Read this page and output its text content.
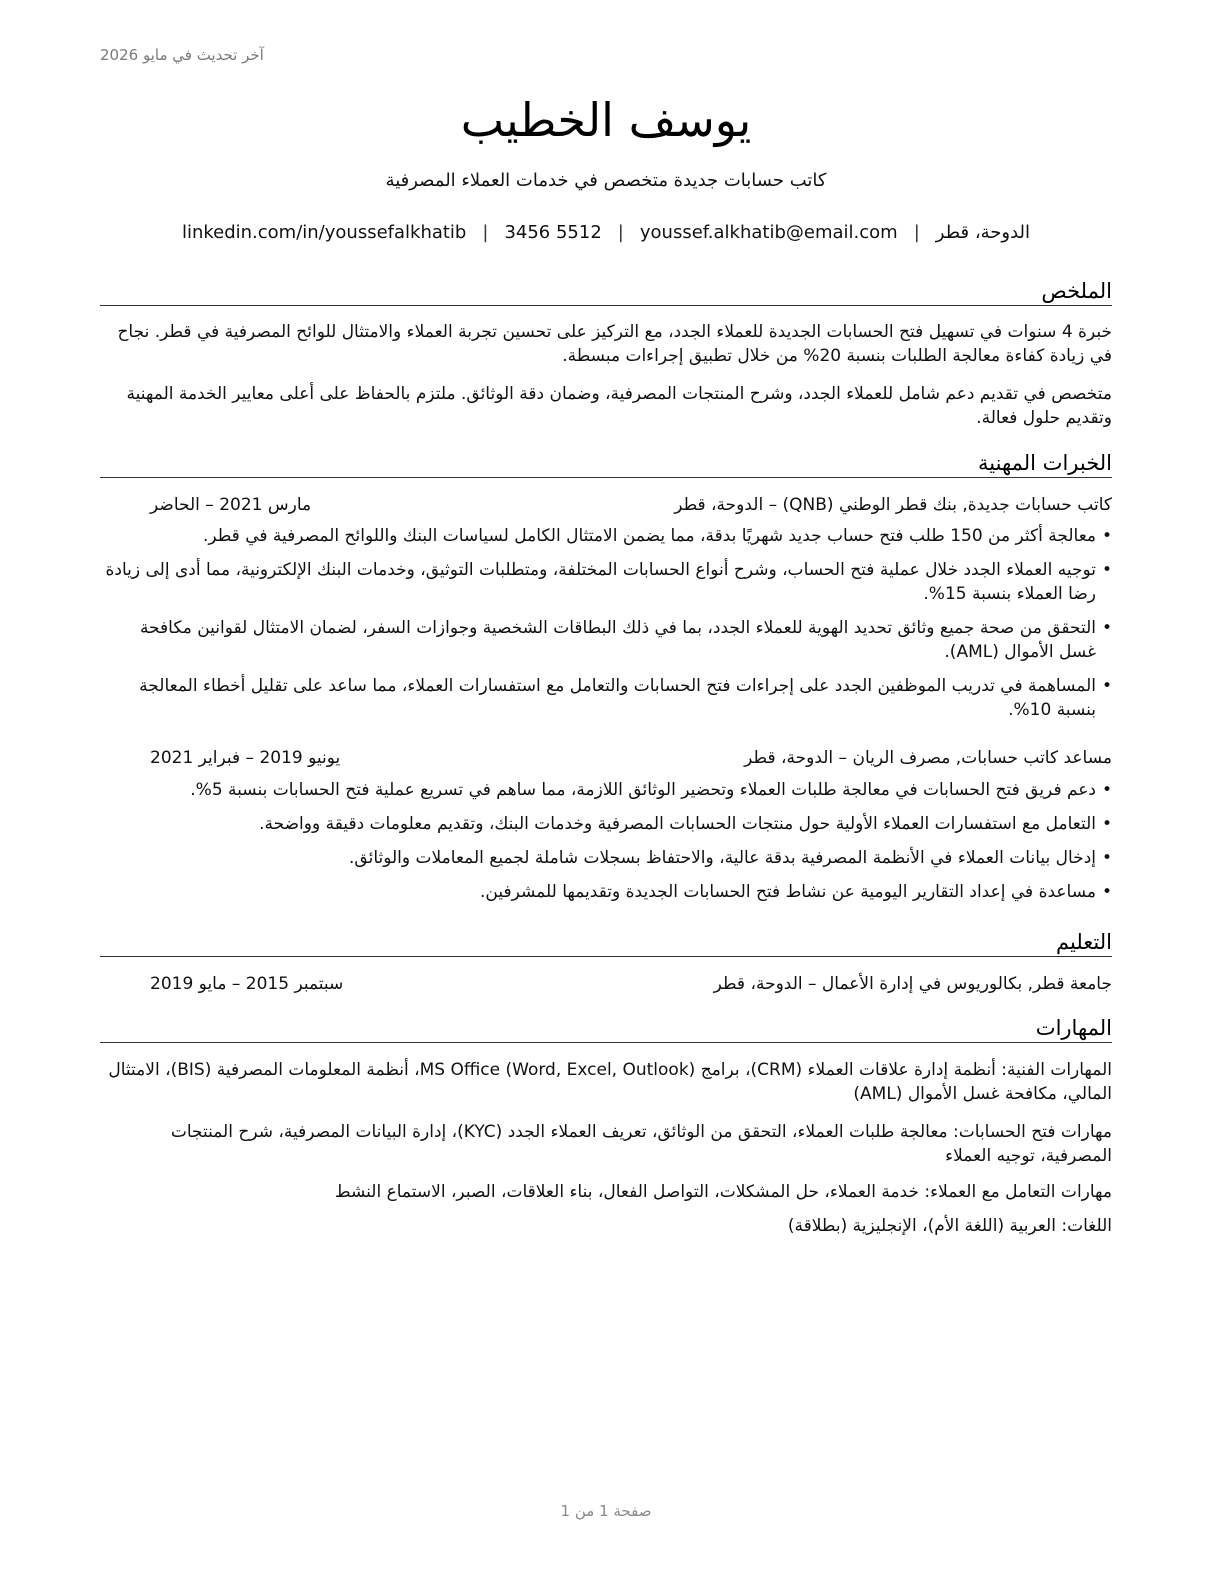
آخر تحديث في مايو 2026
يوسف الخطيب
كاتب حسابات جديدة متخصص في خدمات العملاء المصرفية
الدوحة، قطر|youssef.alkhatib@email.com|3456 5512|linkedin.com/in/youssefalkhatib
الملخص
خبرة 4 سنوات في تسهيل فتح الحسابات الجديدة للعملاء الجدد، مع التركيز على تحسين تجربة العملاء والامتثال للوائح المصرفية في قطر. نجاح في زيادة كفاءة معالجة الطلبات بنسبة 20% من خلال تطبيق إجراءات مبسطة.
متخصص في تقديم دعم شامل للعملاء الجدد، وشرح المنتجات المصرفية، وضمان دقة الوثائق. ملتزم بالحفاظ على أعلى معايير الخدمة المهنية وتقديم حلول فعالة.
الخبرات المهنية
كاتب حسابات جديدة, بنك قطر الوطني (QNB) – الدوحة، قطر
مارس 2021 – الحاضر
• معالجة أكثر من 150 طلب فتح حساب جديد شهريًا بدقة، مما يضمن الامتثال الكامل لسياسات البنك واللوائح المصرفية في قطر.
• توجيه العملاء الجدد خلال عملية فتح الحساب، وشرح أنواع الحسابات المختلفة، ومتطلبات التوثيق، وخدمات البنك الإلكترونية، مما أدى إلى زيادة رضا العملاء بنسبة 15%.
• التحقق من صحة جميع وثائق تحديد الهوية للعملاء الجدد، بما في ذلك البطاقات الشخصية وجوازات السفر، لضمان الامتثال لقوانين مكافحة غسل الأموال (AML).
• المساهمة في تدريب الموظفين الجدد على إجراءات فتح الحسابات والتعامل مع استفسارات العملاء، مما ساعد على تقليل أخطاء المعالجة بنسبة 10%.
مساعد كاتب حسابات, مصرف الريان – الدوحة، قطر
يونيو 2019 – فبراير 2021
• دعم فريق فتح الحسابات في معالجة طلبات العملاء وتحضير الوثائق اللازمة، مما ساهم في تسريع عملية فتح الحسابات بنسبة 5%.
• التعامل مع استفسارات العملاء الأولية حول منتجات الحسابات المصرفية وخدمات البنك، وتقديم معلومات دقيقة وواضحة.
• إدخال بيانات العملاء في الأنظمة المصرفية بدقة عالية، والاحتفاظ بسجلات شاملة لجميع المعاملات والوثائق.
• مساعدة في إعداد التقارير اليومية عن نشاط فتح الحسابات الجديدة وتقديمها للمشرفين.
التعليم
جامعة قطر, بكالوريوس في إدارة الأعمال – الدوحة، قطر
سبتمبر 2015 – مايو 2019
المهارات
المهارات الفنية: أنظمة إدارة علاقات العملاء (CRM)، برامج MS Office (Word, Excel, Outlook)، أنظمة المعلومات المصرفية (BIS)، الامتثال المالي، مكافحة غسل الأموال (AML)
مهارات فتح الحسابات: معالجة طلبات العملاء، التحقق من الوثائق، تعريف العملاء الجدد (KYC)، إدارة البيانات المصرفية، شرح المنتجات المصرفية، توجيه العملاء
مهارات التعامل مع العملاء: خدمة العملاء، حل المشكلات، التواصل الفعال، بناء العلاقات، الصبر، الاستماع النشط
اللغات: العربية (اللغة الأم)، الإنجليزية (بطلاقة)
صفحة 1 من 1
